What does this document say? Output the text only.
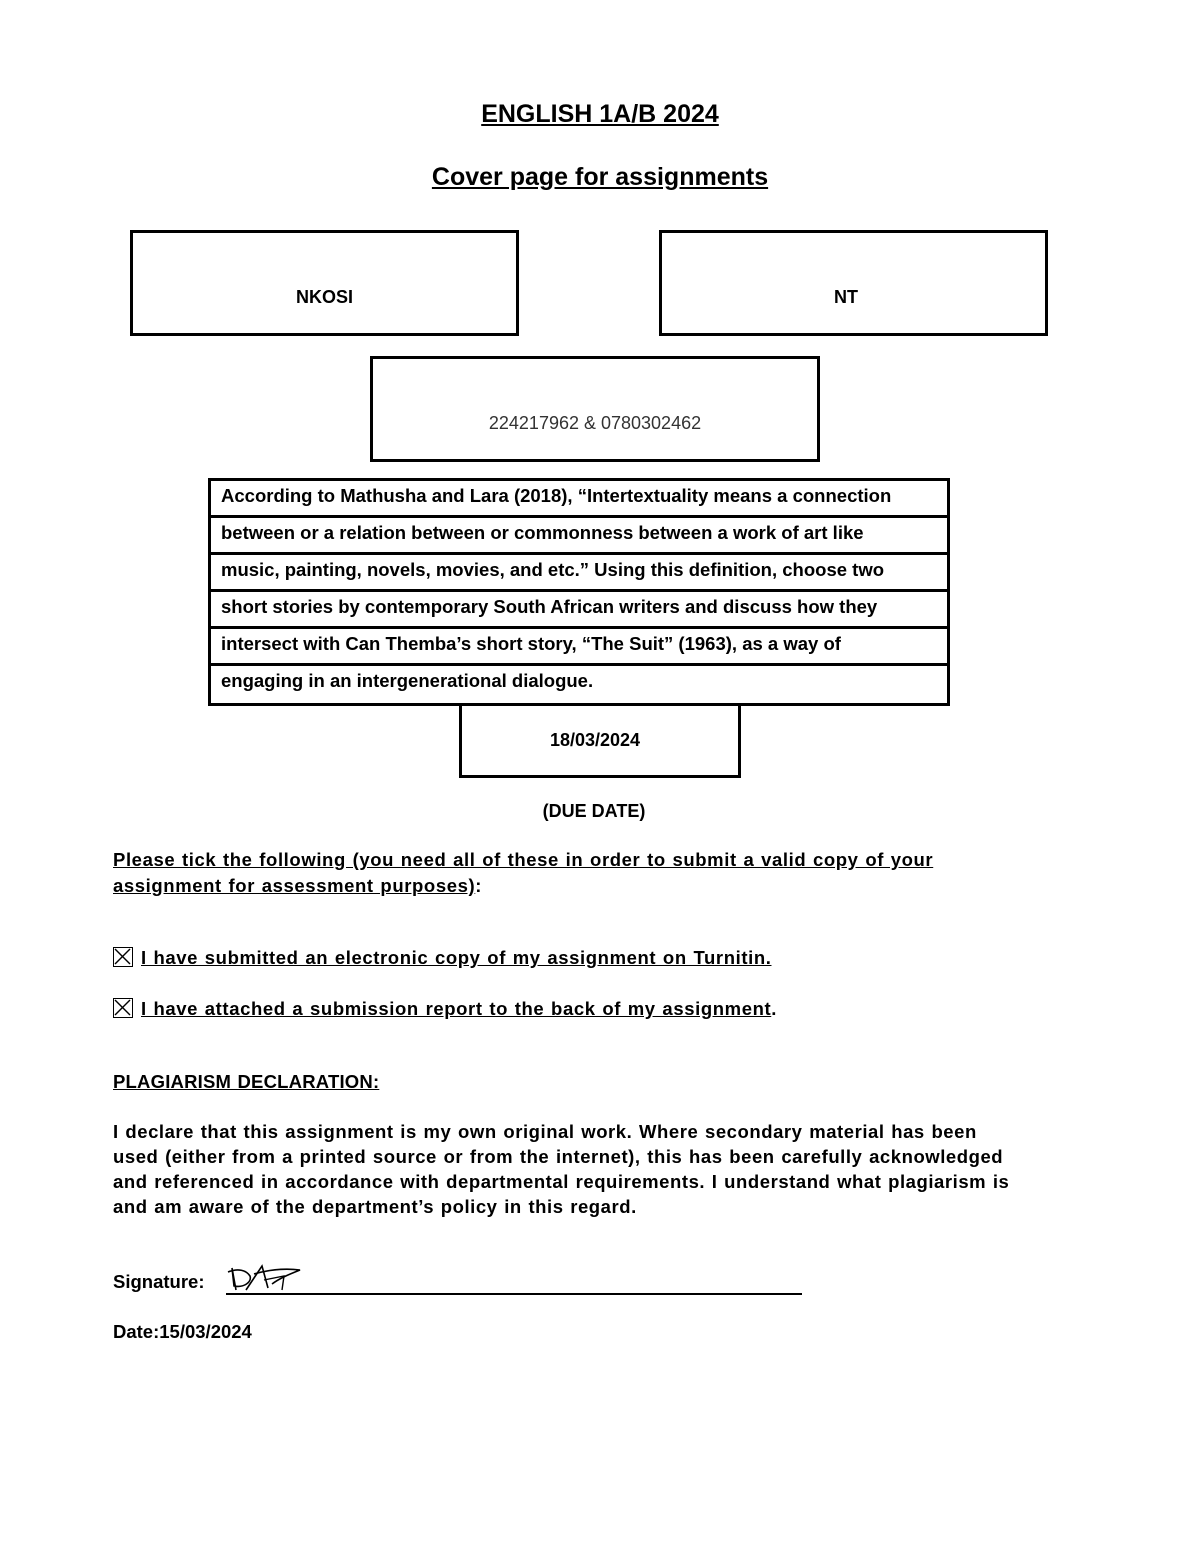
ENGLISH 1A/B 2024
Cover page for assignments
NKOSI	NT
224217962 & 0780302462
According to Mathusha and Lara (2018), “Intertextuality means a connection
between or a relation between or commonness between a work of art like
music, painting, novels, movies, and etc.” Using this definition, choose two
short stories by contemporary South African writers and discuss how they
intersect with Can Themba’s short story, “The Suit” (1963), as a way of
engaging in an intergenerational dialogue.
18/03/2024
(DUE DATE)
Please tick the following (you need all of these in order to submit a valid copy of your
assignment for assessment purposes):
I have submitted an electronic copy of my assignment on Turnitin.
I have attached a submission report to the back of my assignment.
PLAGIARISM DECLARATION:
I declare that this assignment is my own original work. Where secondary material has been
used (either from a printed source or from the internet), this has been carefully acknowledged
and referenced in accordance with departmental requirements. I understand what plagiarism is
and am aware of the department’s policy in this regard.
Signature:
Date:15/03/2024
